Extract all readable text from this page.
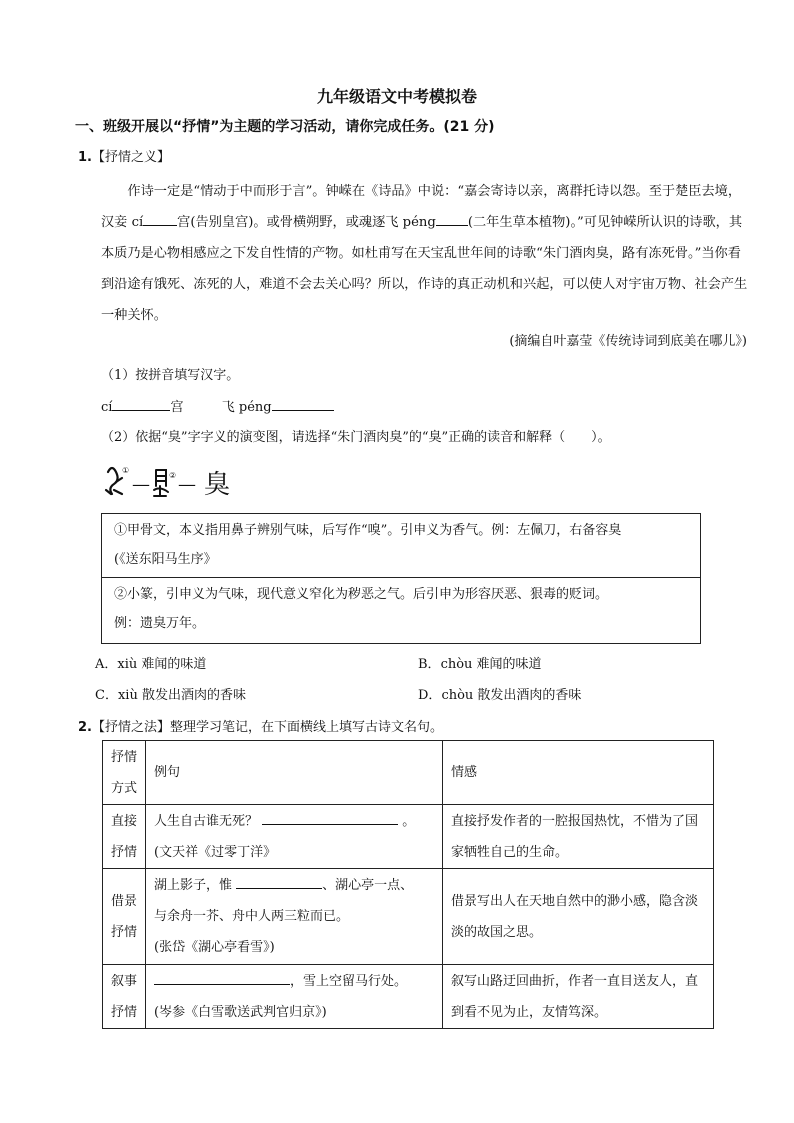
九年级语文中考模拟卷
一、班级开展以“抒情”为主题的学习活动，请你完成任务。(21 分)
1.【抒情之义】
作诗一定是“情动于中而形于言”。钟嵘在《诗品》中说：“嘉会寄诗以亲，离群托诗以怨。至于楚臣去境，汉妾 cí	宫(告别皇宫)。或骨横朔野，或魂逐飞 péng (二年生草本植物)。”可见钟嵘所认识的诗歌，其本质乃是心物相感应之下发自性情的产物。如杜甫写在天宝乱世年间的诗歌“朱门酒肉臭，路有冻死骨。”当你看到沿途有饿死、冻死的人，难道不会去关心吗？所以，作诗的真正动机和兴起，可以使人对宇宙万物、社会产生一种关怀。
(摘编自叶嘉莹《传统诗词到底美在哪儿》)
（1）按拼音填写汉字。
cí	宫	飞 péng
（2）依据“臭”字字义的演变图，请选择“朱门酒肉臭”的“臭”正确的读音和解释（　　）。
①
— ② — 臭
①甲骨文，本义指用鼻子辨别气味，后写作“嗅”。引申义为香气。例：左佩刀，右备容臭
(《送东阳马生序》
②小篆，引申义为气味，现代意义窄化为秽恶之气。后引申为形容厌恶、狠毒的贬词。
例：遗臭万年。
A．xiù 难闻的味道	B．chòu 难闻的味道
C．xiù 散发出酒肉的香味	D．chòu 散发出酒肉的香味
2.【抒情之法】整理学习笔记，在下面横线上填写古诗文名句。
抒情方式	例句	情感
直接抒情	人生自古谁无死？ 。
(文天祥《过零丁洋》	直接抒发作者的一腔报国热忱，不惜为了国家牺牲自己的生命。
借景抒情	湖上影子，惟 、湖心亭一点、
与余舟一芥、舟中人两三粒而已。
(张岱《湖心亭看雪》)	借景写出人在天地自然中的渺小感，隐含淡淡的故国之思。
叙事抒情	，雪上空留马行处。
(岑参《白雪歌送武判官归京》)	叙写山路迂回曲折，作者一直目送友人，直到看不见为止，友情笃深。
